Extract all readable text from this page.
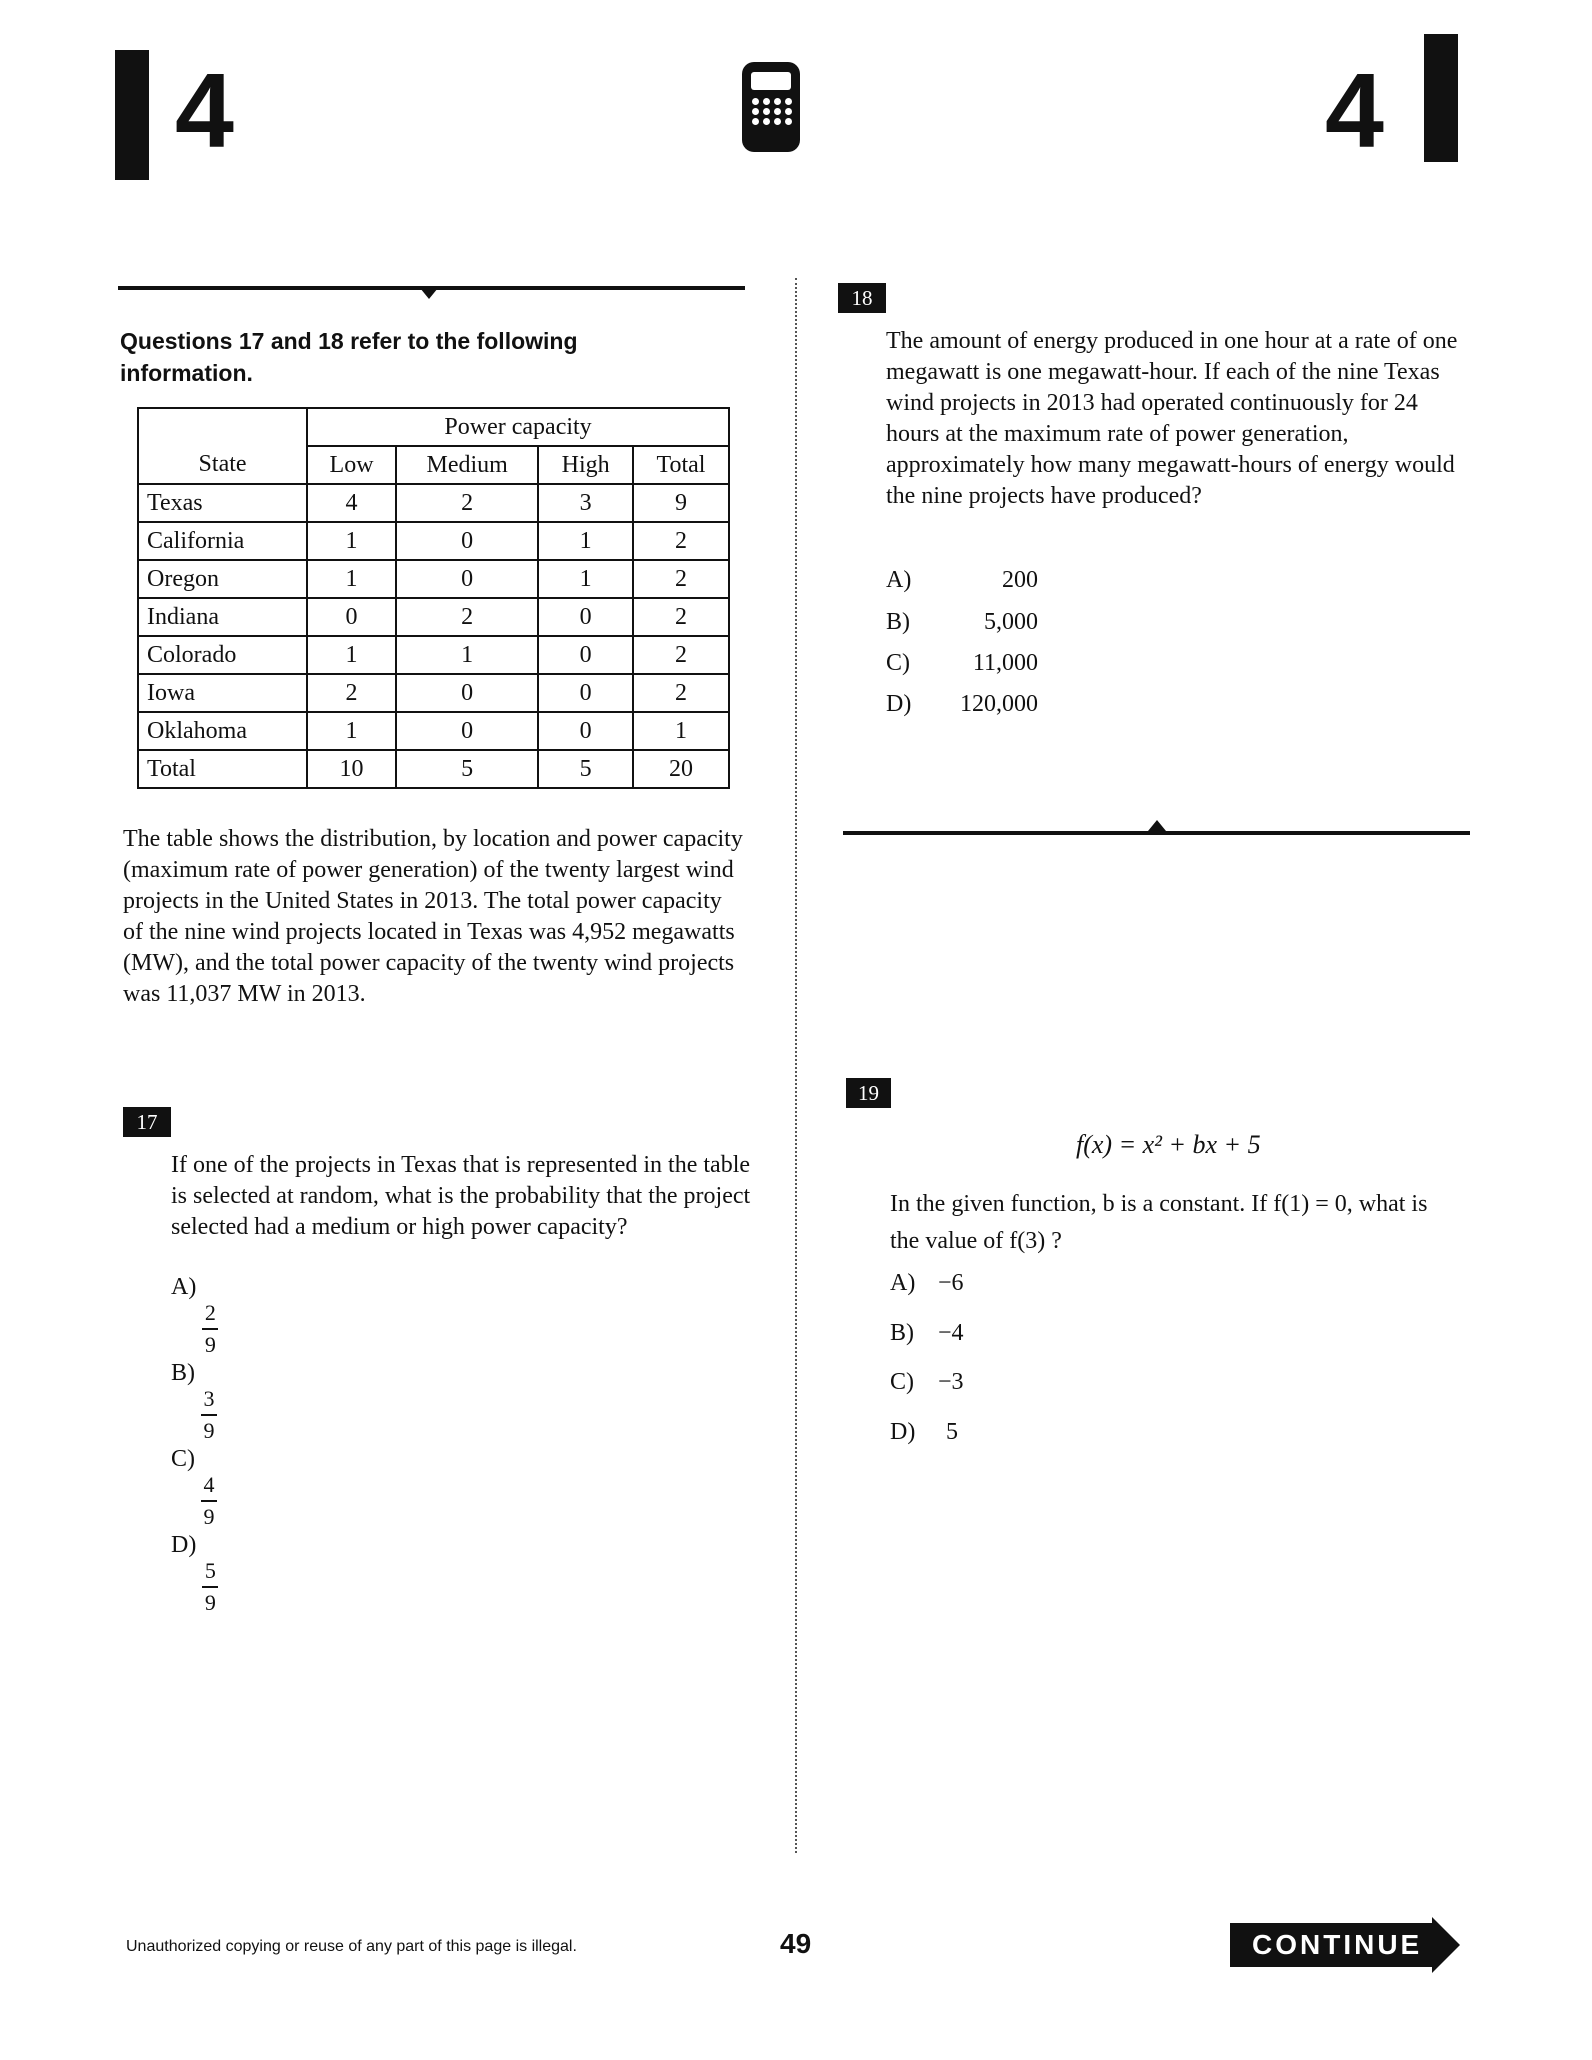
4	4
Questions 17 and 18 refer to the following information.
	Power capacity			
State	Low	Medium	High	Total
Texas	4	2	3	9
California	1	0	1	2
Oregon	1	0	1	2
Indiana	0	2	0	2
Colorado	1	1	0	2
Iowa	2	0	0	2
Oklahoma	1	0	0	1
Total	10	5	5	20
The table shows the distribution, by location and power capacity (maximum rate of power generation) of the twenty largest wind projects in the United States in 2013. The total power capacity of the nine wind projects located in Texas was 4,952 megawatts (MW), and the total power capacity of the twenty wind projects was 11,037 MW in 2013.
17
If one of the projects in Texas that is represented in the table is selected at random, what is the probability that the project selected had a medium or high power capacity?
A)
$\frac{2}{9}$
B)
$\frac{3}{9}$
C)
$\frac{4}{9}$
D)
$\frac{5}{9}$
18
The amount of energy produced in one hour at a rate of one megawatt is one megawatt-hour. If each of the nine Texas wind projects in 2013 had operated continuously for 24 hours at the maximum rate of power generation, approximately how many megawatt-hours of energy would the nine projects have produced?
A)	200
B)	5,000
C)	11,000
D) 120,000
19
f(x) = x² + bx + 5
In the given function, b is a constant. If f(1) = 0, what is the value of f(3) ?
A) −6
B) −4
C) −3
D) 5
Unauthorized copying or reuse of any part of this page is illegal.	49	CONTINUE
